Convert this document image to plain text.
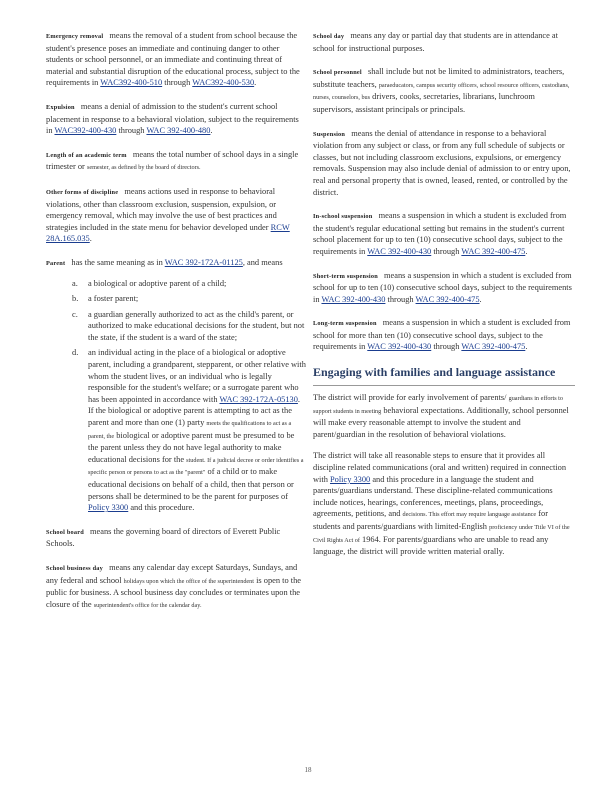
Emergency removal means the removal of a student from school because the student's presence poses an immediate and continuing danger to other students or school personnel, or an immediate and continuing threat of material and substantial disruption of the educational process, subject to the requirements in WAC392-400-510 through WAC392-400-530.

Expulsion means a denial of admission to the student's current school placement in response to a behavioral violation, subject to the requirements in WAC392-400-430 through WAC 392-400-480.

Length of an academic term means the total number of school days in a single trimester or semester, as defined by the board of directors.

Other forms of discipline means actions used in response to behavioral violations, other than classroom exclusion, suspension, expulsion, or emergency removal, which may involve the use of best practices and strategies included in the state menu for behavior developed under RCW 28A.165.035.

Parent has the same meaning as in WAC 392-172A-01125, and means

a. a biological or adoptive parent of a child;
b. a foster parent;
c. a guardian generally authorized to act as the child's parent, or authorized to make educational decisions for the student, but not the state, if the student is a ward of the state;
d. an individual acting in the place of a biological or adoptive parent, including a grandparent, stepparent, or other relative with whom the student lives, or an individual who is legally responsible for the student's welfare; or a surrogate parent who has been appointed in accordance with WAC 392-172A-05130. If the biological or adoptive parent is attempting to act as the parent and more than one (1) party meets the qualifications to act as a parent, the biological or adoptive parent must be presumed to be the parent unless they do not have legal authority to make educational decisions for the student. If a judicial decree or order identifies a specific person or persons to act as the "parent" of a child or to make educational decisions on behalf of a child, then that person or persons shall be determined to be the parent for purposes of Policy 3300 and this procedure.

School board means the governing board of directors of Everett Public Schools.

School business day means any calendar day except Saturdays, Sundays, and any federal and school holidays upon which the office of the superintendent is open to the public for business. A school business day concludes or terminates upon the closure of the superintendent's office for the calendar day.

School day means any day or partial day that students are in attendance at school for instructional purposes.

School personnel shall include but not be limited to administrators, teachers, substitute teachers, paraeducators, campus security officers, school resource officers, custodians, nurses, counselors, bus drivers, cooks, secretaries, librarians, lunchroom supervisors, assistant principals or principals.

Suspension means the denial of attendance in response to a behavioral violation from any subject or class, or from any full schedule of subjects or classes, but not including classroom exclusions, expulsions, or emergency removals. Suspension may also include denial of admission to or entry upon, real and personal property that is owned, leased, rented, or controlled by the district.

In-school suspension means a suspension in which a student is excluded from the student's regular educational setting but remains in the student's current school placement for up to ten (10) consecutive school days, subject to the requirements in WAC 392-400-430 through WAC 392-400-475.

Short-term suspension means a suspension in which a student is excluded from school for up to ten (10) consecutive school days, subject to the requirements in WAC 392-400-430 through WAC 392-400-475.

Long-term suspension means a suspension in which a student is excluded from school for more than ten (10) consecutive school days, subject to the requirements in WAC 392-400-430 through WAC 392-400-475.

Engaging with families and language assistance

The district will provide for early involvement of parents/ guardians in efforts to support students in meeting behavioral expectations. Additionally, school personnel will make every reasonable attempt to involve the student and parent/guardian in the resolution of behavioral violations.

The district will take all reasonable steps to ensure that it provides all discipline related communications (oral and written) required in connection with Policy 3300 and this procedure in a language the student and parents/guardians understand. These discipline-related communications include notices, hearings, conferences, meetings, plans, proceedings, agreements, petitions, and decisions. This effort may require language assistance for students and parents/guardians with limited-English proficiency under Title VI of the Civil Rights Act of 1964. For parents/guardians who are unable to read any language, the district will provide written material orally.

18
